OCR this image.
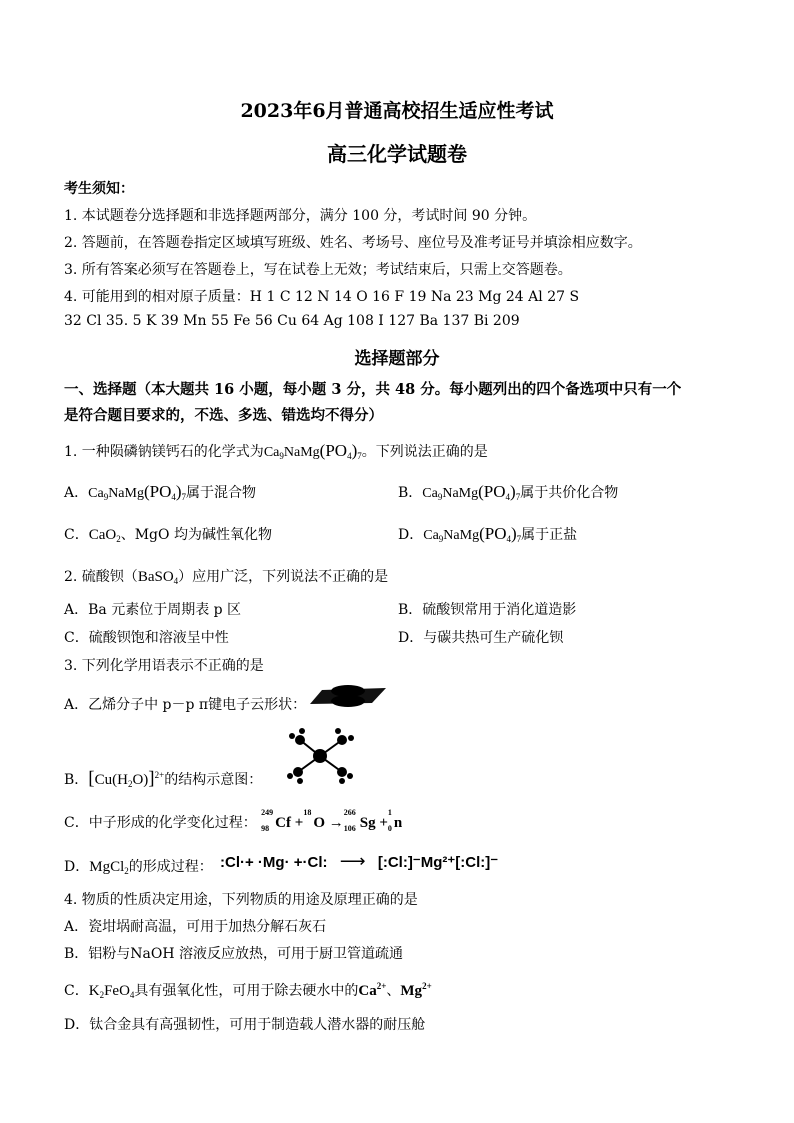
2023年6月普通高校招生适应性考试
高三化学试题卷
考生须知：
1. 本试题卷分选择题和非选择题两部分，满分 100 分，考试时间 90 分钟。
2. 答题前，在答题卷指定区域填写班级、姓名、考场号、座位号及准考证号并填涂相应数字。
3. 所有答案必须写在答题卷上，写在试卷上无效；考试结束后，只需上交答题卷。
4. 可能用到的相对原子质量：H 1 C 12 N 14 O 16 F 19 Na 23 Mg 24 Al 27 S
32 Cl 35. 5 K 39 Mn 55 Fe 56 Cu 64 Ag 108 I 127 Ba 137 Bi 209
选择题部分
一、选择题（本大题共 16 小题，每小题 3 分，共 48 分。每小题列出的四个备选项中只有一个
是符合题目要求的，不选、多选、错选均不得分）
1. 一种陨磷钠镁钙石的化学式为$Ca_9NaMg(PO_4)_7$。下列说法正确的是
A．$Ca_9NaMg(PO_4)_7$属于混合物	B．$Ca_9NaMg(PO_4)_7$属于共价化合物
C．CaO$_2$、MgO 均为碱性氧化物	D．$Ca_9NaMg(PO_4)_7$属于正盐
2. 硫酸钡（BaSO$_4$）应用广泛，下列说法不正确的是
A．Ba 元素位于周期表 p 区	B．硫酸钡常用于消化道造影
C．硫酸钡饱和溶液呈中性	D．与碳共热可生产硫化钡
3. 下列化学用语表示不正确的是
A．乙烯分子中 p－p π键电子云形状：
B．$[Cu(H_2O)]^{2+}$的结构示意图：
C．中子形成的化学变化过程：
249
98 Cf +
18
O →
266
106 Sg +
1
0 n
D．MgCl$_2$的形成过程： :Cl·+ ·Mg· +·Cl: ⟶ [:Cl:]⁻Mg²⁺[:Cl:]⁻
4. 物质的性质决定用途，下列物质的用途及原理正确的是
A．瓷坩埚耐高温，可用于加热分解石灰石
B．铝粉与NaOH 溶液反应放热，可用于厨卫管道疏通
C．$K_2FeO_4$具有强氧化性，可用于除去硬水中的$Ca^{2+}$、$Mg^{2+}$
D．钛合金具有高强韧性，可用于制造载人潜水器的耐压舱
